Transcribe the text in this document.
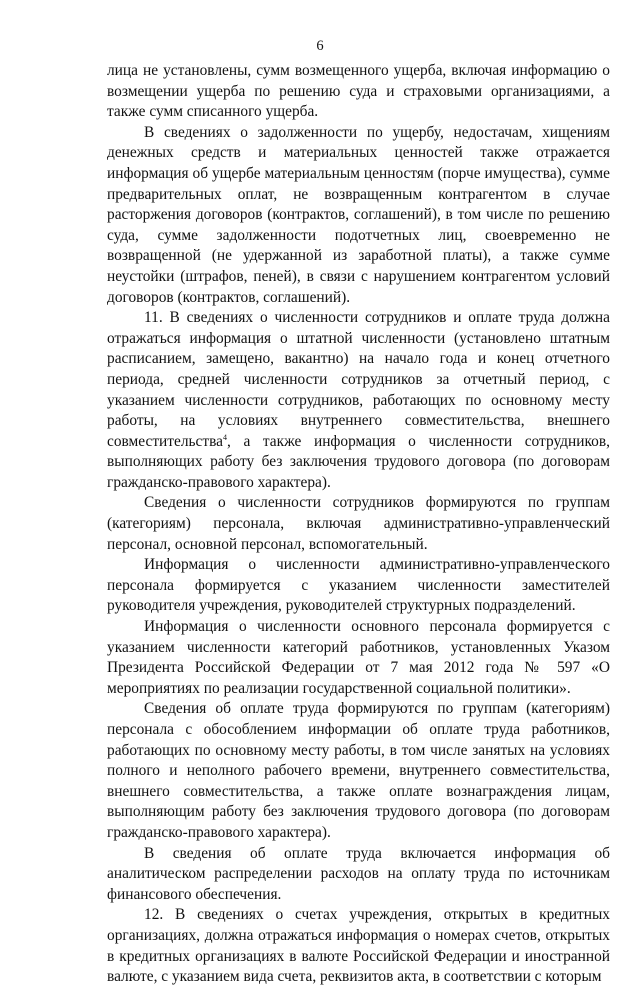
6

лица не установлены, сумм возмещенного ущерба, включая информацию о возмещении ущерба по решению суда и страховыми организациями, а также сумм списанного ущерба.

В сведениях о задолженности по ущербу, недостачам, хищениям денежных средств и материальных ценностей также отражается информация об ущербе материальным ценностям (порче имущества), сумме предварительных оплат, не возвращенным контрагентом в случае расторжения договоров (контрактов, соглашений), в том числе по решению суда, сумме задолженности подотчетных лиц, своевременно не возвращенной (не удержанной из заработной платы), а также сумме неустойки (штрафов, пеней), в связи с нарушением контрагентом условий договоров (контрактов, соглашений).

11. В сведениях о численности сотрудников и оплате труда должна отражаться информация о штатной численности (установлено штатным расписанием, замещено, вакантно) на начало года и конец отчетного периода, средней численности сотрудников за отчетный период, с указанием численности сотрудников, работающих по основному месту работы, на условиях внутреннего совместительства, внешнего совместительства$^4$, а также информация о численности сотрудников, выполняющих работу без заключения трудового договора (по договорам гражданско-правового характера).

Сведения о численности сотрудников формируются по группам (категориям) персонала, включая административно-управленческий персонал, основной персонал, вспомогательный.

Информация о численности административно-управленческого персонала формируется с указанием численности заместителей руководителя учреждения, руководителей структурных подразделений.

Информация о численности основного персонала формируется с указанием численности категорий работников, установленных Указом Президента Российской Федерации от 7 мая 2012 года № 597 «О мероприятиях по реализации государственной социальной политики».

Сведения об оплате труда формируются по группам (категориям) персонала с обособлением информации об оплате труда работников, работающих по основному месту работы, в том числе занятых на условиях полного и неполного рабочего времени, внутреннего совместительства, внешнего совместительства, а также оплате вознаграждения лицам, выполняющим работу без заключения трудового договора (по договорам гражданско-правового характера).

В сведения об оплате труда включается информация об аналитическом распределении расходов на оплату труда по источникам финансового обеспечения.

12. В сведениях о счетах учреждения, открытых в кредитных организациях, должна отражаться информация о номерах счетов, открытых в кредитных организациях в валюте Российской Федерации и иностранной валюте, с указанием вида счета, реквизитов акта, в соответствии с которым
